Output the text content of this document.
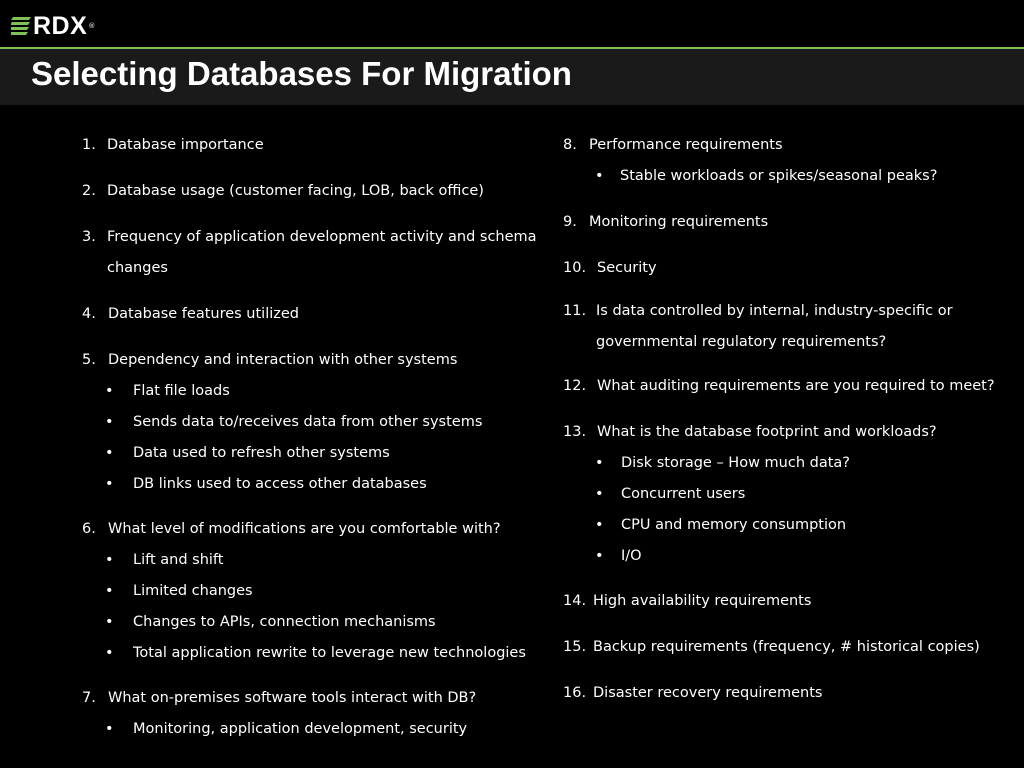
RDX ®
Selecting Databases For Migration
1. Database importance
2. Database usage (customer facing, LOB, back office)
3. Frequency of application development activity and schema
changes
4. Database features utilized
5. Dependency and interaction with other systems
• Flat file loads
• Sends data to/receives data from other systems
• Data used to refresh other systems
• DB links used to access other databases
6. What level of modifications are you comfortable with?
• Lift and shift
• Limited changes
• Changes to APIs, connection mechanisms
• Total application rewrite to leverage new technologies
7. What on-premises software tools interact with DB?
• Monitoring, application development, security
8. Performance requirements
• Stable workloads or spikes/seasonal peaks?
9. Monitoring requirements
10. Security
11. Is data controlled by internal, industry-specific or
governmental regulatory requirements?
12. What auditing requirements are you required to meet?
13. What is the database footprint and workloads?
• Disk storage – How much data?
• Concurrent users
• CPU and memory consumption
• I/O
14. High availability requirements
15. Backup requirements (frequency, # historical copies)
16. Disaster recovery requirements
